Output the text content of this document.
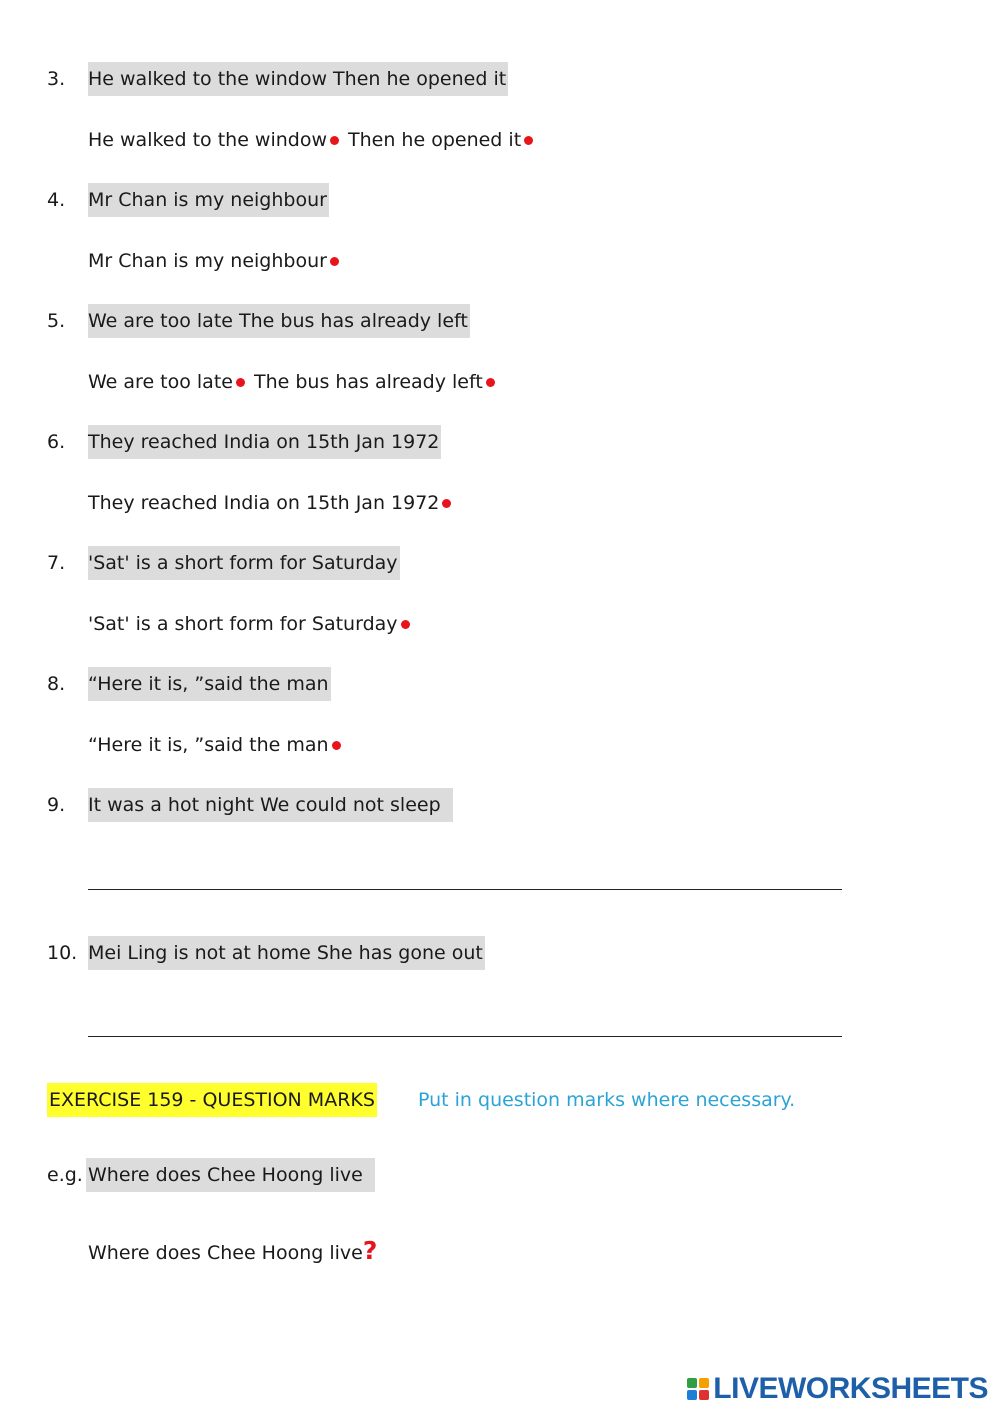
3. He walked to the window Then he opened it
He walked to the window Then he opened it
4. Mr Chan is my neighbour
Mr Chan is my neighbour
5. We are too late The bus has already left
We are too late The bus has already left
6. They reached India on 15th Jan 1972
They reached India on 15th Jan 1972
7. 'Sat' is a short form for Saturday
'Sat' is a short form for Saturday
8. “Here it is, ”said the man
“Here it is, ”said the man
9. It was a hot night We could not sleep
10. Mei Ling is not at home She has gone out
EXERCISE 159 - QUESTION MARKS Put in question marks where necessary.
e.g. Where does Chee Hoong live
Where does Chee Hoong live?
LIVEWORKSHEETS
